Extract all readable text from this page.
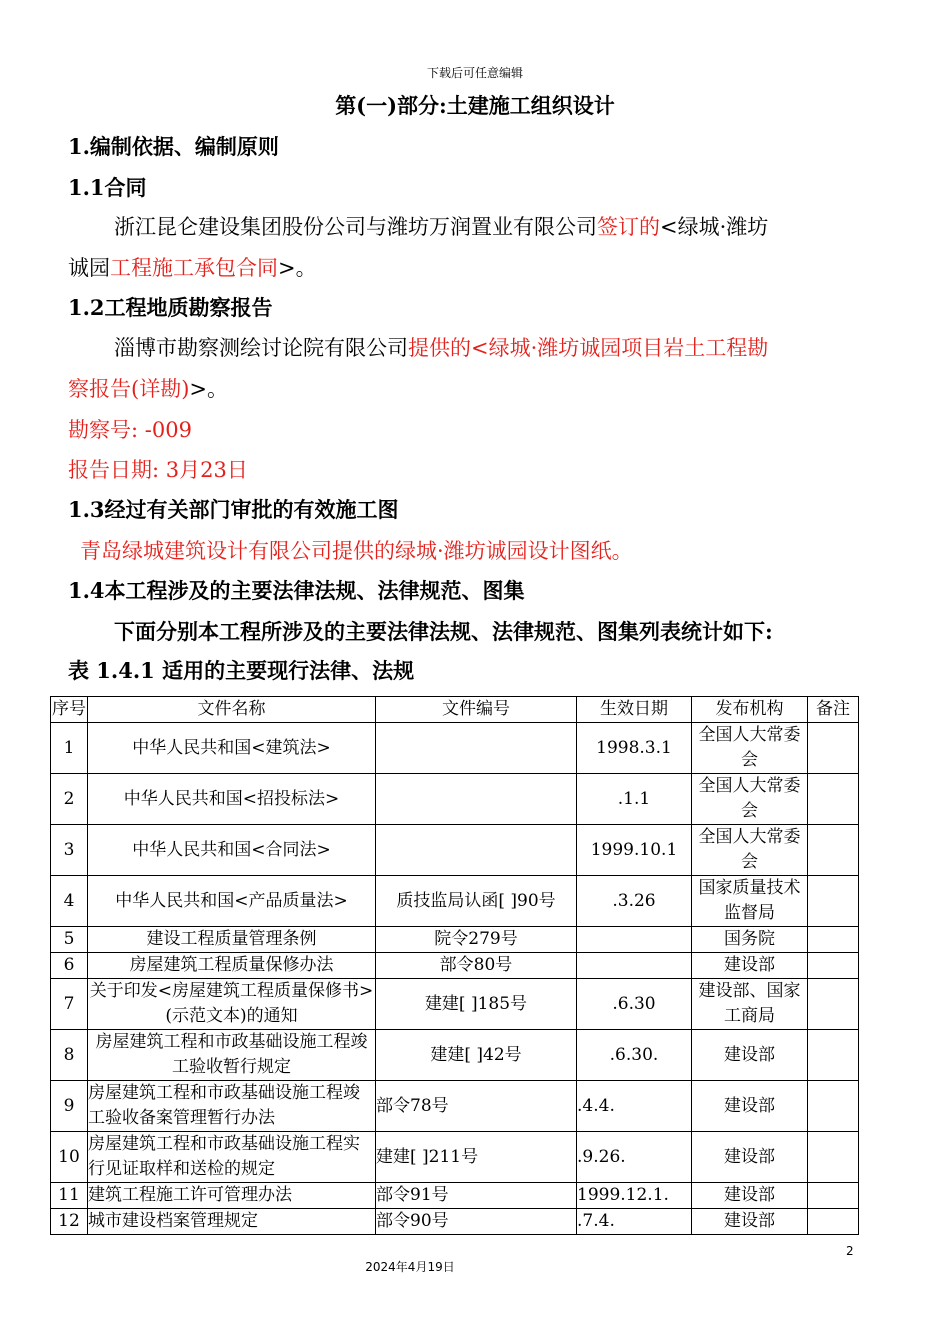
下载后可任意编辑
第(一)部分:土建施工组织设计
1.编制依据、编制原则
1.1合同
浙江昆仑建设集团股份公司与潍坊万润置业有限公司签订的<绿城·潍坊
诚园工程施工承包合同>。
1.2工程地质勘察报告
淄博市勘察测绘讨论院有限公司提供的<绿城·潍坊诚园项目岩土工程勘
察报告(详勘)>。
勘察号: -009
报告日期: 3月23日
1.3经过有关部门审批的有效施工图
青岛绿城建筑设计有限公司提供的绿城·潍坊诚园设计图纸。
1.4本工程涉及的主要法律法规、法律规范、图集
下面分别本工程所涉及的主要法律法规、法律规范、图集列表统计如下:
表 1.4.1 适用的主要现行法律、法规
序号	文件名称	文件编号	生效日期	发布机构	备注
1	中华人民共和国<建筑法>		1998.3.1	全国人大常委会	
2	中华人民共和国<招投标法>		.1.1	全国人大常委会	
3	中华人民共和国<合同法>		1999.10.1	全国人大常委会	
4	中华人民共和国<产品质量法>	质技监局认函[ ]90号	.3.26	国家质量技术监督局	
5	建设工程质量管理条例	院令279号		国务院	
6	房屋建筑工程质量保修办法	部令80号		建设部	
7	关于印发<房屋建筑工程质量保修书>(示范文本)的通知	建建[ ]185号	.6.30	建设部、国家工商局	
8	房屋建筑工程和市政基础设施工程竣工验收暂行规定	建建[ ]42号	.6.30.	建设部	
9	房屋建筑工程和市政基础设施工程竣工验收备案管理暂行办法	部令78号	.4.4.	建设部	
10	房屋建筑工程和市政基础设施工程实行见证取样和送检的规定	建建[ ]211号	.9.26.	建设部	
11	建筑工程施工许可管理办法	部令91号	1999.12.1.	建设部	
12	城市建设档案管理规定	部令90号	.7.4.	建设部	
2
2024年4月19日
